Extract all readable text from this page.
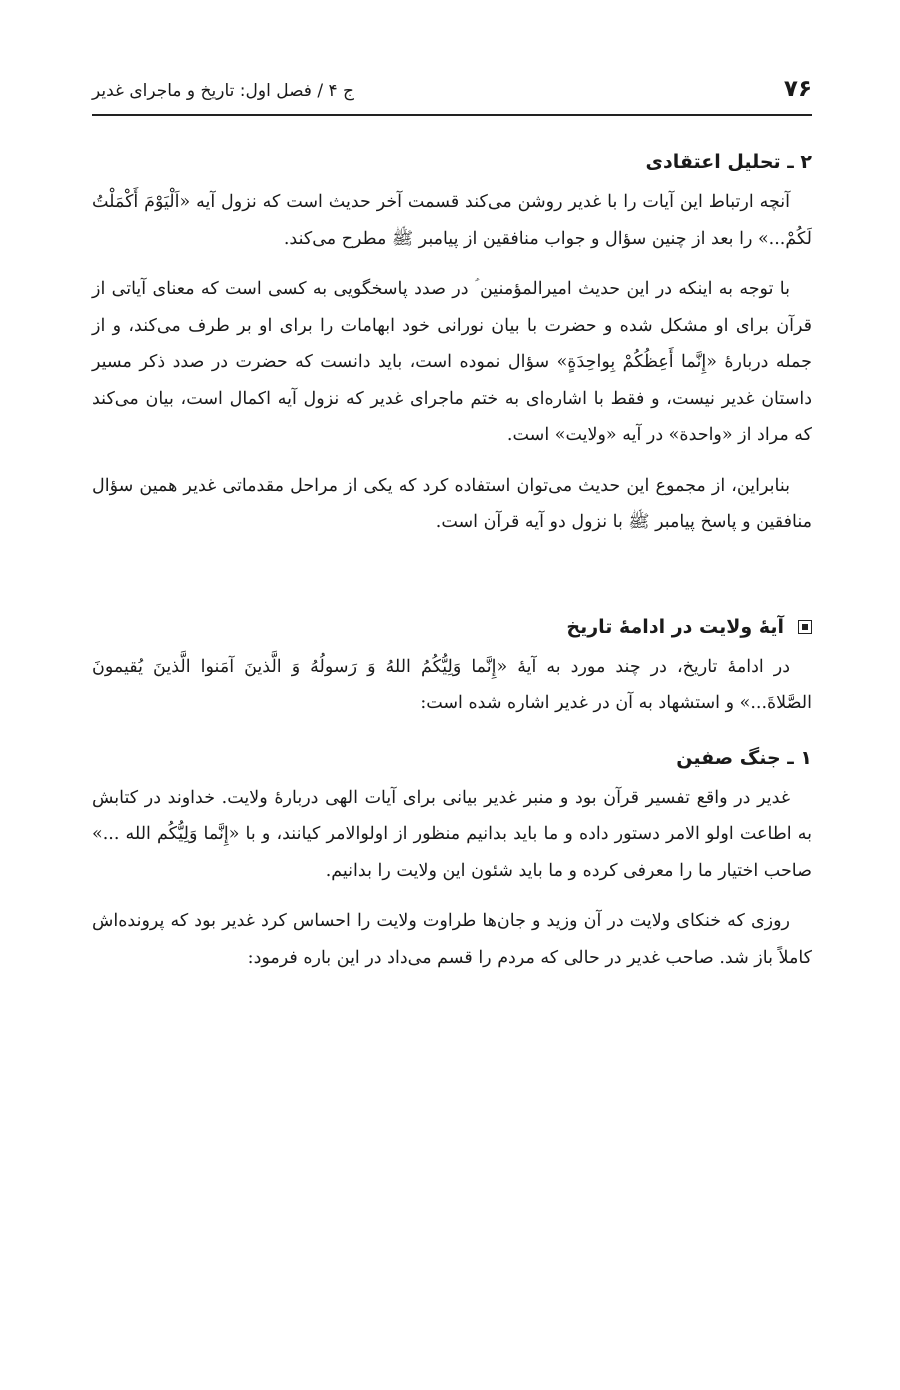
۷۶
ج ۴ / فصل اول: تاریخ و ماجرای غدیر
۲ ـ تحلیل اعتقادی

آنچه ارتباط این آیات را با غدیر روشن می‌کند قسمت آخر حدیث است که نزول آیه «اَلْیَوْمَ أَكْمَلْتُ لَكُمْ...» را بعد از چنین سؤال و جواب منافقین از پیامبر ﷺ مطرح می‌کند.

با توجه به اینکه در این حدیث امیرالمؤمنین ؑ در صدد پاسخگویی به کسی است که معنای آیاتی از قرآن برای او مشکل شده و حضرت با بیان نورانی خود ابهامات را برای او بر طرف می‌کند، و از جمله دربارهٔ «إِنَّما أَعِظُكُمْ بِواحِدَةٍ» سؤال نموده است، باید دانست که حضرت در صدد ذکر مسیر داستان غدیر نیست، و فقط با اشاره‌ای به ختم ماجرای غدیر که نزول آیه اکمال است، بیان می‌کند که مراد از «واحدة» در آیه «ولایت» است.

بنابراین، از مجموع این حدیث می‌توان استفاده کرد که یکی از مراحل مقدماتی غدیر همین سؤال منافقین و پاسخ پیامبر ﷺ با نزول دو آیه قرآن است.

آیهٔ ولایت در ادامهٔ تاریخ

در ادامهٔ تاریخ، در چند مورد به آیهٔ «إِنَّما وَلِیُّكُمُ اللهُ وَ رَسولُهُ وَ الَّذینَ آمَنوا الَّذینَ یُقیمونَ الصَّلاةَ...» و استشهاد به آن در غدیر اشاره شده است:

۱ ـ جنگ صفین

غدیر در واقع تفسیر قرآن بود و منبر غدیر بیانی برای آیات الهی دربارهٔ ولایت. خداوند در کتابش به اطاعت اولو الامر دستور داده و ما باید بدانیم منظور از اولوالامر کیانند، و با «إِنَّما وَلِیُّكُم الله ...» صاحب اختیار ما را معرفی کرده و ما باید شئون این ولایت را بدانیم.

روزی که خنکای ولایت در آن وزید و جان‌ها طراوت ولایت را احساس کرد غدیر بود که پرونده‌اش کاملاً باز شد. صاحب غدیر در حالی که مردم را قسم می‌داد در این باره فرمود:
